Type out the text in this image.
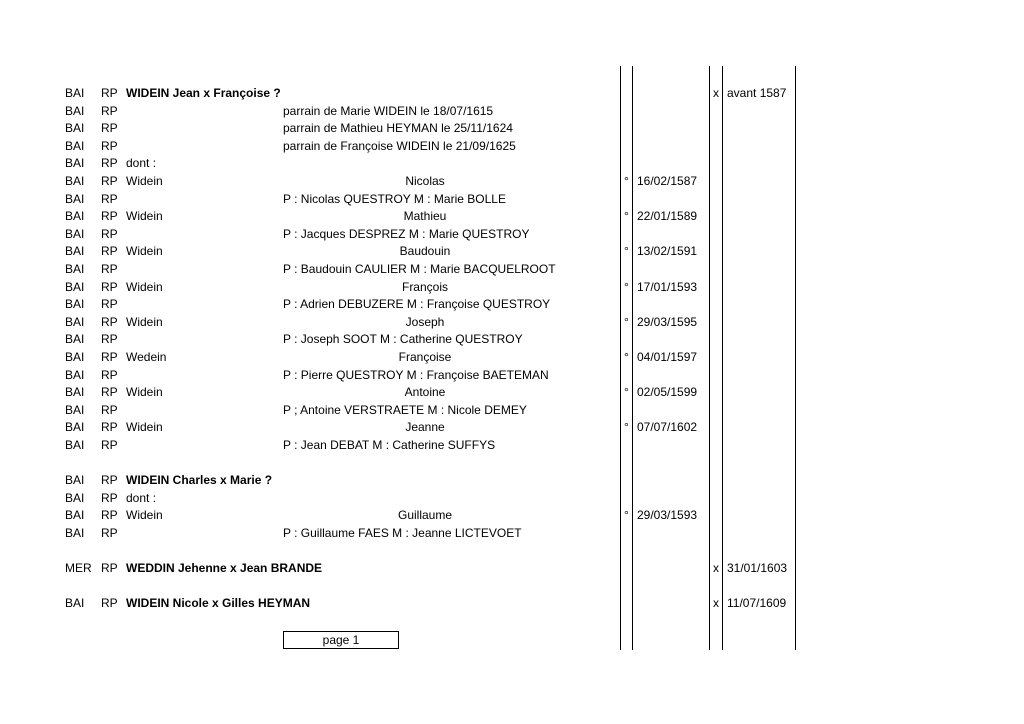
BAI RP WIDEIN Jean x Françoise ?	x avant 1587
BAI RP	parrain de Marie WIDEIN le 18/07/1615
BAI RP	parrain de Mathieu HEYMAN le 25/11/1624
BAI RP	parrain de Françoise WIDEIN le 21/09/1625
BAI RP dont :
BAI RP Widein	Nicolas	° 16/02/1587
BAI RP	P : Nicolas QUESTROY M : Marie BOLLE
BAI RP Widein	Mathieu	° 22/01/1589
BAI RP	P : Jacques DESPREZ M : Marie QUESTROY
BAI RP Widein	Baudouin	° 13/02/1591
BAI RP	P : Baudouin CAULIER M : Marie BACQUELROOT
BAI RP Widein	François	° 17/01/1593
BAI RP	P : Adrien DEBUZERE M : Françoise QUESTROY
BAI RP Widein	Joseph	° 29/03/1595
BAI RP	P : Joseph SOOT M : Catherine QUESTROY
BAI RP Wedein	Françoise	° 04/01/1597
BAI RP	P : Pierre QUESTROY M : Françoise BAETEMAN
BAI RP Widein	Antoine	° 02/05/1599
BAI RP	P ; Antoine VERSTRAETE M : Nicole DEMEY
BAI RP Widein	Jeanne	° 07/07/1602
BAI RP	P : Jean DEBAT M : Catherine SUFFYS
BAI RP WIDEIN Charles x Marie ?
BAI RP dont :
BAI RP Widein	Guillaume	° 29/03/1593
BAI RP	P : Guillaume FAES M : Jeanne LICTEVOET
MER RP WEDDIN Jehenne x Jean BRANDE	x 31/01/1603
BAI RP WIDEIN Nicole x Gilles HEYMAN	x 11/07/1609
page 1
